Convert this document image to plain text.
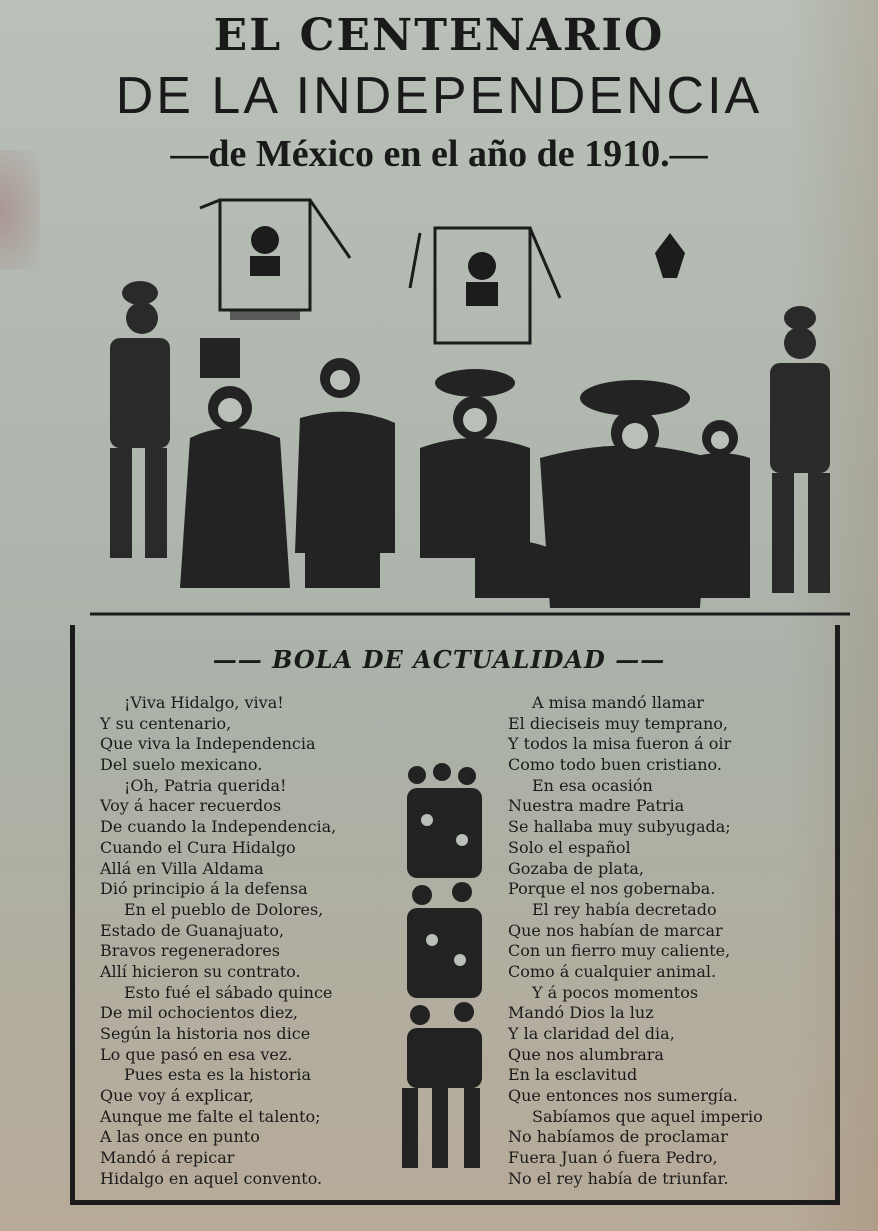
EL CENTENARIO
DE LA INDEPENDENCIA
—de México en el año de 1910.—
—— BOLA DE ACTUALIDAD ——
¡Viva Hidalgo, viva!
Y su centenario,
Que viva la Independencia
Del suelo mexicano.
¡Oh, Patria querida!
Voy á hacer recuerdos
De cuando la Independencia,
Cuando el Cura Hidalgo
Allá en Villa Aldama
Dió principio á la defensa
En el pueblo de Dolores,
Estado de Guanajuato,
Bravos regeneradores
Allí hicieron su contrato.
Esto fué el sábado quince
De mil ochocientos diez,
Según la historia nos dice
Lo que pasó en esa vez.
Pues esta es la historia
Que voy á explicar,
Aunque me falte el talento;
A las once en punto
Mandó á repicar
Hidalgo en aquel convento.
A misa mandó llamar
El dieciseis muy temprano,
Y todos la misa fueron á oir
Como todo buen cristiano.
En esa ocasión
Nuestra madre Patria
Se hallaba muy subyugada;
Solo el español
Gozaba de plata,
Porque el nos gobernaba.
El rey había decretado
Que nos habían de marcar
Con un fierro muy caliente,
Como á cualquier animal.
Y á pocos momentos
Mandó Dios la luz
Y la claridad del dia,
Que nos alumbrara
En la esclavitud
Que entonces nos sumergía.
Sabíamos que aquel imperio
No habíamos de proclamar
Fuera Juan ó fuera Pedro,
No el rey había de triunfar.
